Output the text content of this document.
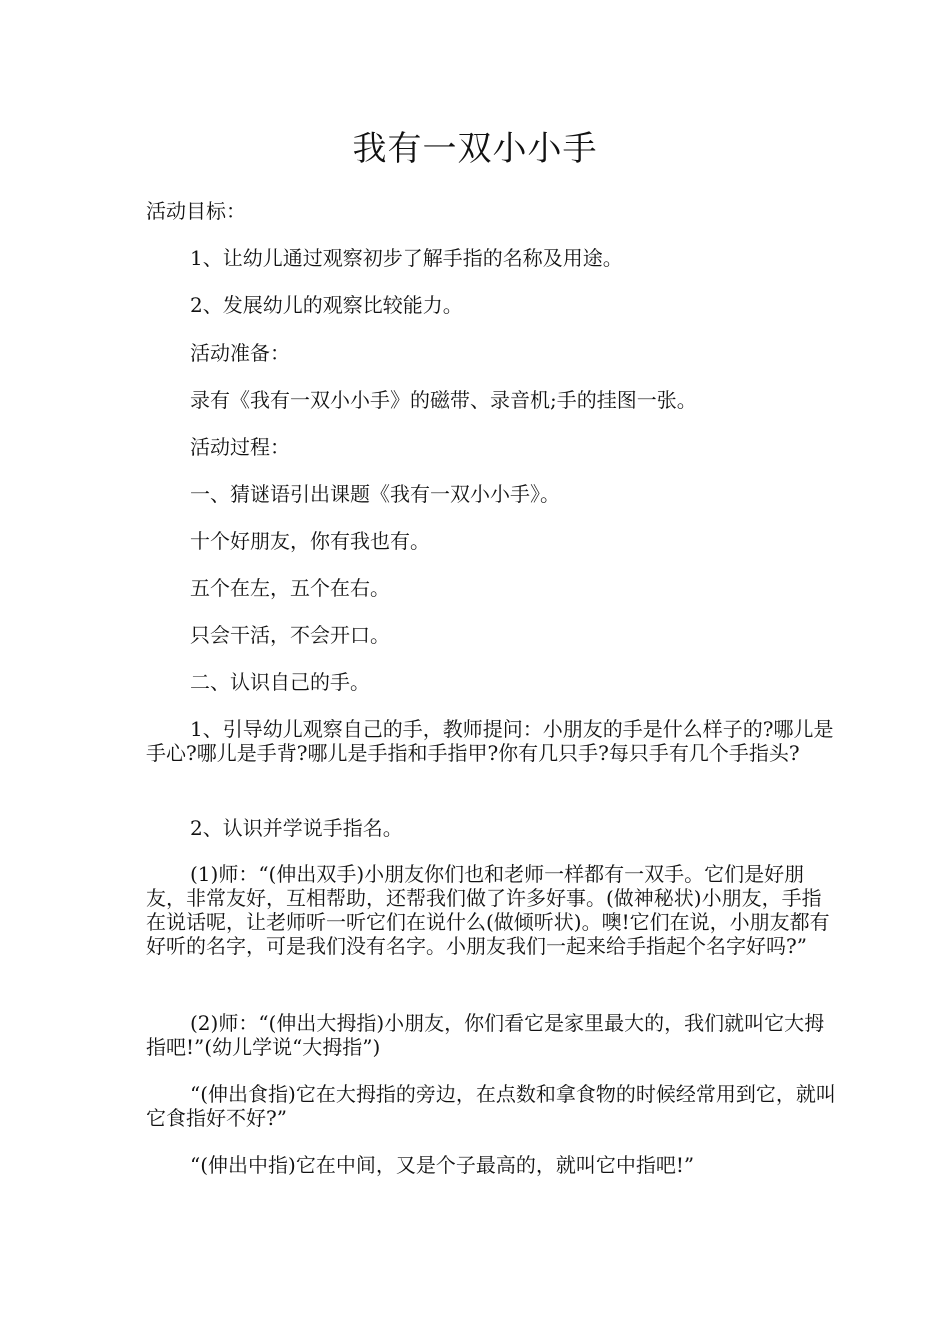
我有一双小小手

活动目标：

1、让幼儿通过观察初步了解手指的名称及用途。

2、发展幼儿的观察比较能力。

活动准备：

录有《我有一双小小手》的磁带、录音机;手的挂图一张。

活动过程：

一、猜谜语引出课题《我有一双小小手》。

十个好朋友，你有我也有。

五个在左，五个在右。

只会干活，不会开口。

二、认识自己的手。

1、引导幼儿观察自己的手，教师提问：小朋友的手是什么样子的?哪儿是手心?哪儿是手背?哪儿是手指和手指甲?你有几只手?每只手有几个手指头?

2、认识并学说手指名。

(1)师：“(伸出双手)小朋友你们也和老师一样都有一双手。它们是好朋友，非常友好，互相帮助，还帮我们做了许多好事。(做神秘状)小朋友，手指在说话呢，让老师听一听它们在说什么(做倾听状)。噢!它们在说，小朋友都有好听的名字，可是我们没有名字。小朋友我们一起来给手指起个名字好吗?”

(2)师：“(伸出大拇指)小朋友，你们看它是家里最大的，我们就叫它大拇指吧!”(幼儿学说“大拇指”)

“(伸出食指)它在大拇指的旁边，在点数和拿食物的时候经常用到它，就叫它食指好不好?”

“(伸出中指)它在中间，又是个子最高的，就叫它中指吧!”
